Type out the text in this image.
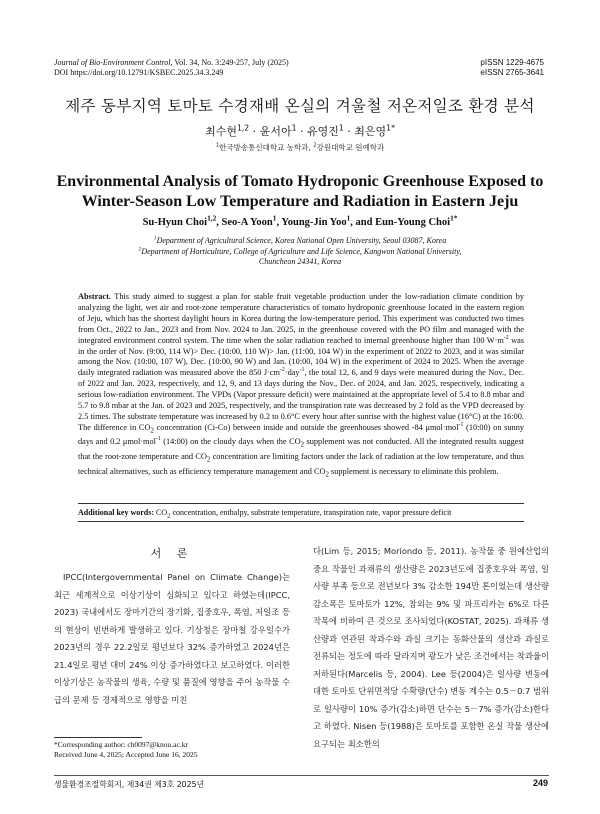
Journal of Bio-Environment Control, Vol. 34, No. 3:249-257, July (2025)
DOI https://doi.org/10.12791/KSBEC.2025.34.3.249
pISSN 1229-4675
eISSN 2765-3641
제주 동부지역 토마토 수경재배 온실의 겨울철 저온저일조 환경 분석
최수현$^{1,2}$ · 윤서아$^1$ · 유영진$^1$ · 최은영$^{1*}$
$^1$한국방송통신대학교 농학과, $^2$강원대학교 원예학과
Environmental Analysis of Tomato Hydroponic Greenhouse Exposed to
Winter-Season Low Temperature and Radiation in Eastern Jeju
Su-Hyun Choi$^{1,2}$, Seo-A Yoon$^1$, Young-Jin Yoo$^1$, and Eun-Young Choi$^{1*}$
$^1$Department of Agricultural Science, Korea National Open University, Seoul 03087, Korea
$^2$Department of Horticulture, College of Agriculture and Life Science, Kangwon National University,
Chuncheon 24341, Korea
Abstract. This study aimed to suggest a plan for stable fruit vegetable production under the low-radiation climate condition by analyzing the light, wet air and root-zone temperature characteristics of tomato hydroponic greenhouse located in the eastern region of Jeju, which has the shortest daylight hours in Korea during the low-temperature period. This experiment was conducted two times from Oct., 2022 to Jan., 2023 and from Nov. 2024 to Jan. 2025, in the greenhouse covered with the PO film and managed with the integrated environment control system. The time when the solar radiation reached to internal greenhouse higher than 100 $W\cdot m^{-2}$ was in the order of Nov. (9:00, 114 W)> Dec. (10:00, 110 W)> Jan. (11:00, 104 W) in the experiment of 2022 to 2023, and it was similar among the Nov. (10:00, 107 W), Dec. (10:00, 90 W) and Jan. (10:00, 104 W) in the experiment of 2024 to 2025. When the average daily integrated radiation was measured above the 850 $J\cdot cm^{-2}\cdot day^{-1}$, the total 12, 6, and 9 days were measured during the Nov., Dec. of 2022 and Jan. 2023, respectively, and 12, 9, and 13 days during the Nov., Dec. of 2024, and Jan. 2025, respectively, indicating a serious low-radiation environment. The VPDs (Vapor pressure deficit) were maintained at the appropriate level of 5.4 to 8.8 mbar and 5.7 to 9.8 mbar at the Jan. of 2023 and 2025, respectively, and the transpiration rate was decreased by 2 fold as the VPD decreased by 2.5 times. The substrate temperature was increased by 0.2 to 0.6°C every hour after sunrise with the highest value (16°C) at the 16:00. The difference in $CO_2$ concentration (Ci-Co) between inside and outside the greenhouses showed -84 μmol·mol$^{-1}$ (10:00) on sunny days and 0.2 μmol·mol$^{-1}$ (14:00) on the cloudy days when the $CO_2$ supplement was not conducted. All the integrated results suggest that the root-zone temperature and $CO_2$ concentration are limiting factors under the lack of radiation at the low temperature, and thus technical alternatives, such as efficiency temperature management and $CO_2$ supplement is necessary to eliminate this problem.
Additional key words: $CO_2$ concentration, enthalpy, substrate temperature, transpiration rate, vapor pressure deficit
서 론

IPCC(Intergovernmental Panel on Climate Change)는 최근 세계적으로 이상기상이 심화되고 있다고 하였는데(IPCC, 2023) 국내에서도 장마기간의 장기화, 집중호우, 폭염, 저일조 등의 현상이 빈번하게 발생하고 있다. 기상청은 장마철 강우일수가 2023년의 경우 22.2일로 평년보다 32% 증가하였고 2024년은 21.4일로 평년 대비 24% 이상 증가하였다고 보고하였다. 이러한 이상기상은 농작물의 생육, 수량 및 품질에 영향을 주어 농작물 수급의 문제 등 경제적으로 영향을 미친

다(Lim 등, 2015; Moriondo 등, 2011). 농작물 중 원예산업의 중요 작물인 과채류의 생산량은 2023년도에 집중호우와 폭염, 일사량 부족 등으로 전년보다 3% 감소한 194만 톤이었는데 생산량 감소폭은 토마토가 12%, 참외는 9% 및 파프리카는 6%로 다른 작목에 비하여 큰 것으로 조사되었다(KOSTAT, 2025). 과채류 생산량과 연관된 착과수와 과실 크기는 동화산물의 생산과 과실로 전류되는 정도에 따라 달라지며 광도가 낮은 조건에서는 착과율이 저하된다(Marcelis 등, 2004). Lee 등(2004)은 일사량 변동에 대한 토마토 단위면적당 수확량(단수) 변동 계수는 0.5－0.7 범위로 일사량이 10% 증가(감소)하면 단수는 5－7% 증가(감소)한다고 하였다. Nisen 등(1988)은 토마토를 포함한 온실 작물 생산에 요구되는 최소한의

*Corresponding author: ch0097@knou.ac.kr
Received June 4, 2025; Accepted June 16, 2025
생물환경조절학회지, 제34권 제3호 2025년	249
